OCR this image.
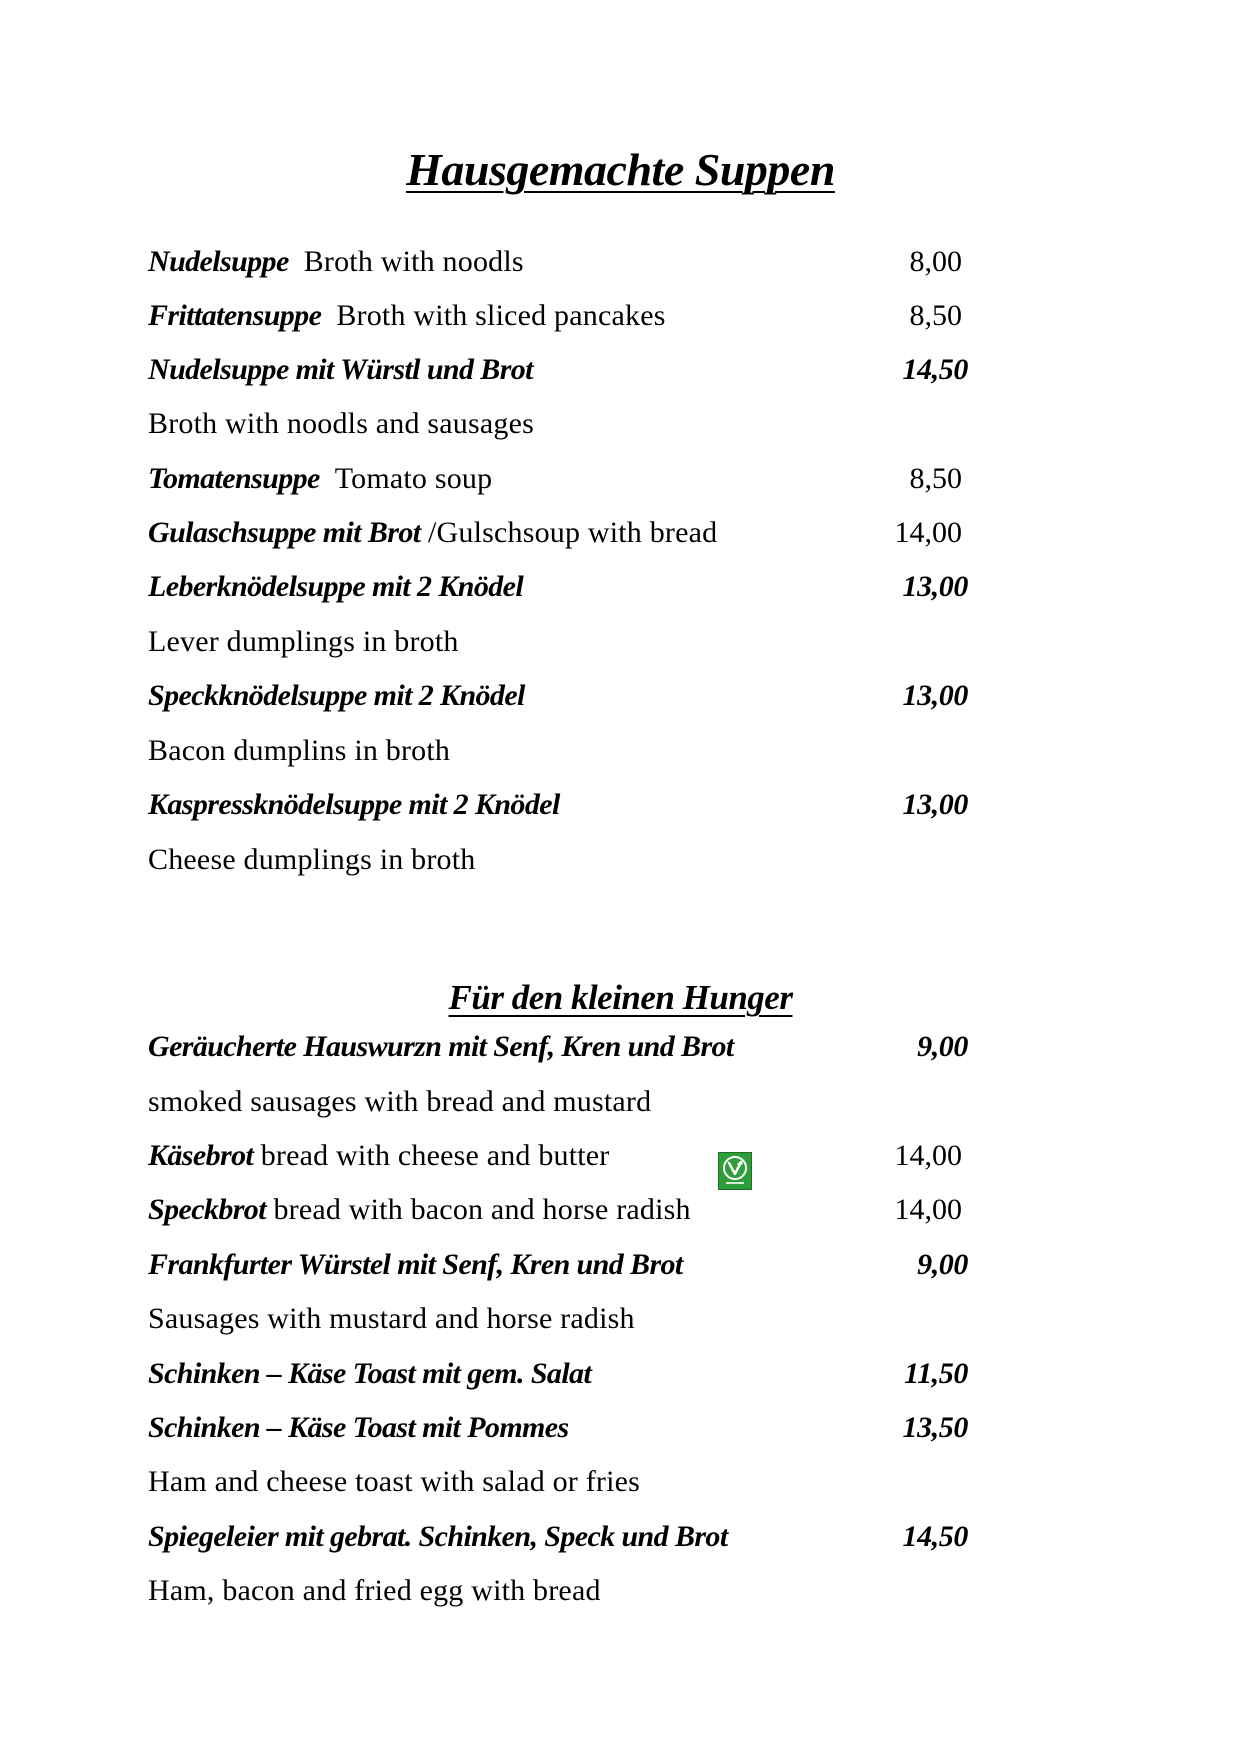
Hausgemachte Suppen
Nudelsuppe Broth with noodls	8,00
Frittatensuppe Broth with sliced pancakes	8,50
Nudelsuppe mit Würstl und Brot	14,50
Broth with noodls and sausages
Tomatensuppe Tomato soup	8,50
Gulaschsuppe mit Brot /Gulschsoup with bread	14,00
Leberknödelsuppe mit 2 Knödel	13,00
Lever dumplings in broth
Speckknödelsuppe mit 2 Knödel	13,00
Bacon dumplins in broth
Kaspressknödelsuppe mit 2 Knödel	13,00
Cheese dumplings in broth
Für den kleinen Hunger
Geräucherte Hauswurzn mit Senf, Kren und Brot	9,00
smoked sausages with bread and mustard
Käsebrot bread with cheese and butter	14,00
Speckbrot bread with bacon and horse radish	14,00
Frankfurter Würstel mit Senf, Kren und Brot	9,00
Sausages with mustard and horse radish
Schinken – Käse Toast mit gem. Salat	11,50
Schinken – Käse Toast mit Pommes	13,50
Ham and cheese toast with salad or fries
Spiegeleier mit gebrat. Schinken, Speck und Brot	14,50
Ham, bacon and fried egg with bread
